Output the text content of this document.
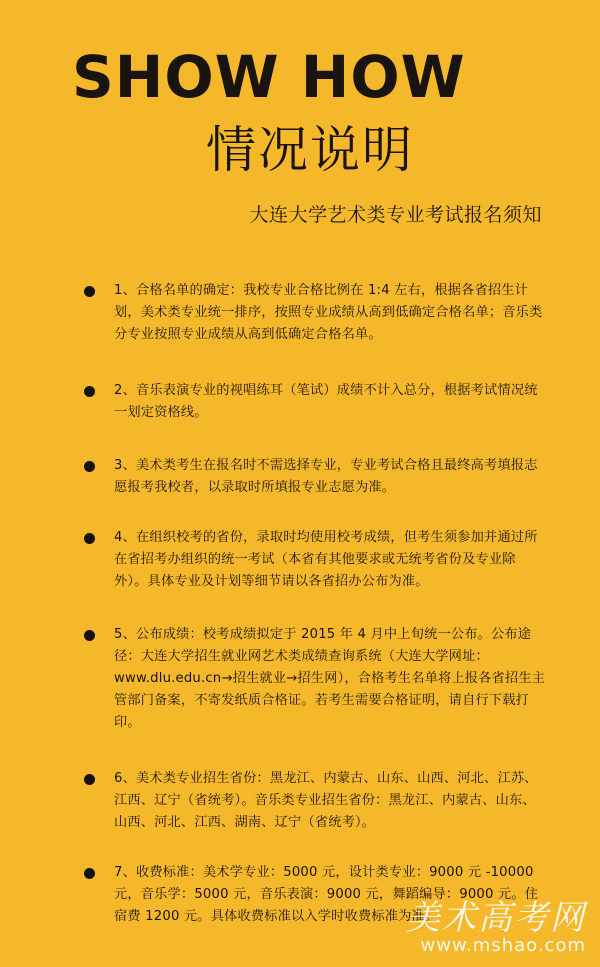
SHOW HOW
情况说明
大连大学艺术类专业考试报名须知
1、合格名单的确定：我校专业合格比例在 1:4 左右，根据各省招生计划，美术类专业统一排序，按照专业成绩从高到低确定合格名单；音乐类分专业按照专业成绩从高到低确定合格名单。
2、音乐表演专业的视唱练耳（笔试）成绩不计入总分，根据考试情况统一划定资格线。
3、美术类考生在报名时不需选择专业，专业考试合格且最终高考填报志愿报考我校者，以录取时所填报专业志愿为准。
4、在组织校考的省份，录取时均使用校考成绩，但考生须参加并通过所在省招考办组织的统一考试（本省有其他要求或无统考省份及专业除外）。具体专业及计划等细节请以各省招办公布为准。
5、公布成绩：校考成绩拟定于 2015 年 4 月中上旬统一公布。公布途径：大连大学招生就业网艺术类成绩查询系统（大连大学网址：www.dlu.edu.cn→招生就业→招生网），合格考生名单将上报各省招生主管部门备案，不寄发纸质合格证。若考生需要合格证明，请自行下载打印。
6、美术类专业招生省份：黑龙江、内蒙古、山东、山西、河北、江苏、江西、辽宁（省统考）。音乐类专业招生省份：黑龙江、内蒙古、山东、山西、河北、江西、湖南、辽宁（省统考）。
7、收费标准：美术学专业：5000 元，设计类专业：9000 元 -10000 元，音乐学：5000 元，音乐表演：9000 元，舞蹈编导：9000 元。住宿费 1200 元。具体收费标准以入学时收费标准为准。
美术高考网
www.mshao.com
